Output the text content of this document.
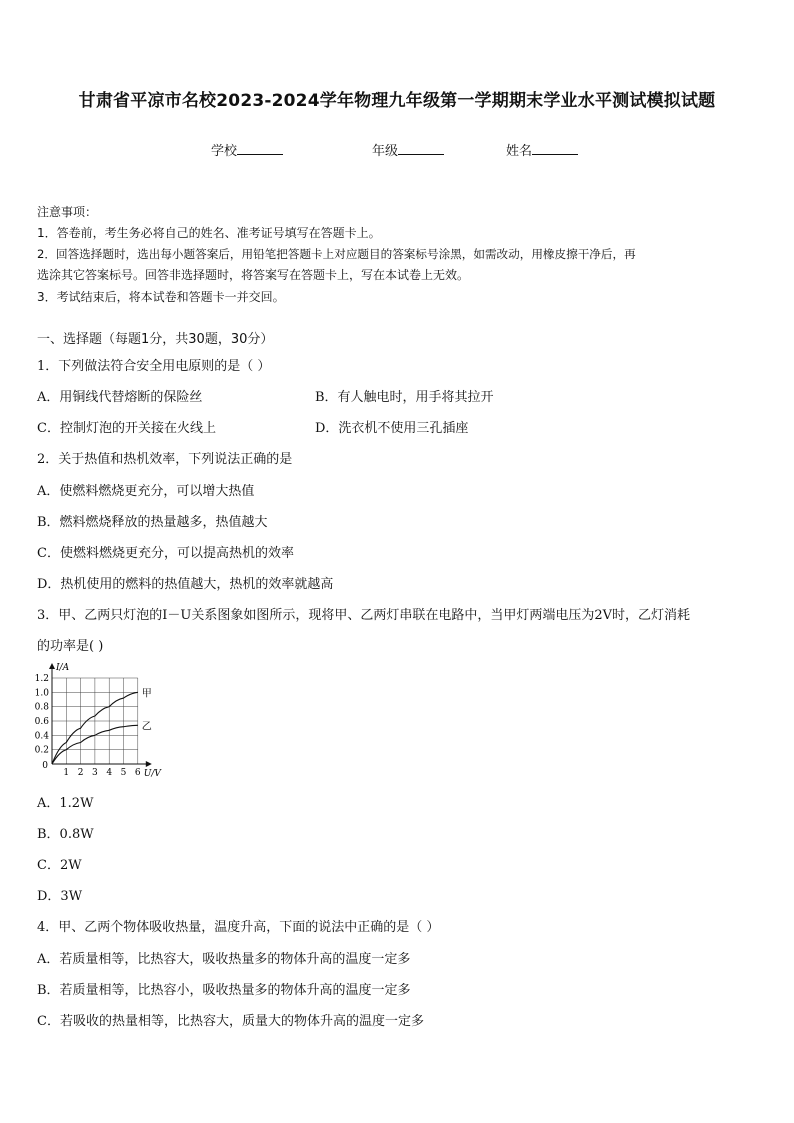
甘肃省平凉市名校2023-2024学年物理九年级第一学期期末学业水平测试模拟试题
学校	年级	姓名
注意事项：
1．答卷前，考生务必将自己的姓名、准考证号填写在答题卡上。
2．回答选择题时，选出每小题答案后，用铅笔把答题卡上对应题目的答案标号涂黑，如需改动，用橡皮擦干净后，再
选涂其它答案标号。回答非选择题时，将答案写在答题卡上，写在本试卷上无效。
3．考试结束后，将本试卷和答题卡一并交回。
一、选择题（每题1分，共30题，30分）
1．下列做法符合安全用电原则的是（ ）
A．用铜线代替熔断的保险丝	B．有人触电时，用手将其拉开
C．控制灯泡的开关接在火线上	D．洗衣机不使用三孔插座
2．关于热值和热机效率，下列说法正确的是
A．使燃料燃烧更充分，可以增大热值
B．燃料燃烧释放的热量越多，热值越大
C．使燃料燃烧更充分，可以提高热机的效率
D．热机使用的燃料的热值越大，热机的效率就越高
3．甲、乙两只灯泡的I－U关系图象如图所示，现将甲、乙两灯串联在电路中，当甲灯两端电压为2V时，乙灯消耗
的功率是( )
1 2 3 4 5 6
0.2
0.4
0.6
0.8
1.0
1.2
0
I/A
U/V
甲
乙
A．1.2W
B．0.8W
C．2W
D．3W
4．甲、乙两个物体吸收热量，温度升高，下面的说法中正确的是（ ）
A．若质量相等，比热容大，吸收热量多的物体升高的温度一定多
B．若质量相等，比热容小，吸收热量多的物体升高的温度一定多
C．若吸收的热量相等，比热容大，质量大的物体升高的温度一定多
